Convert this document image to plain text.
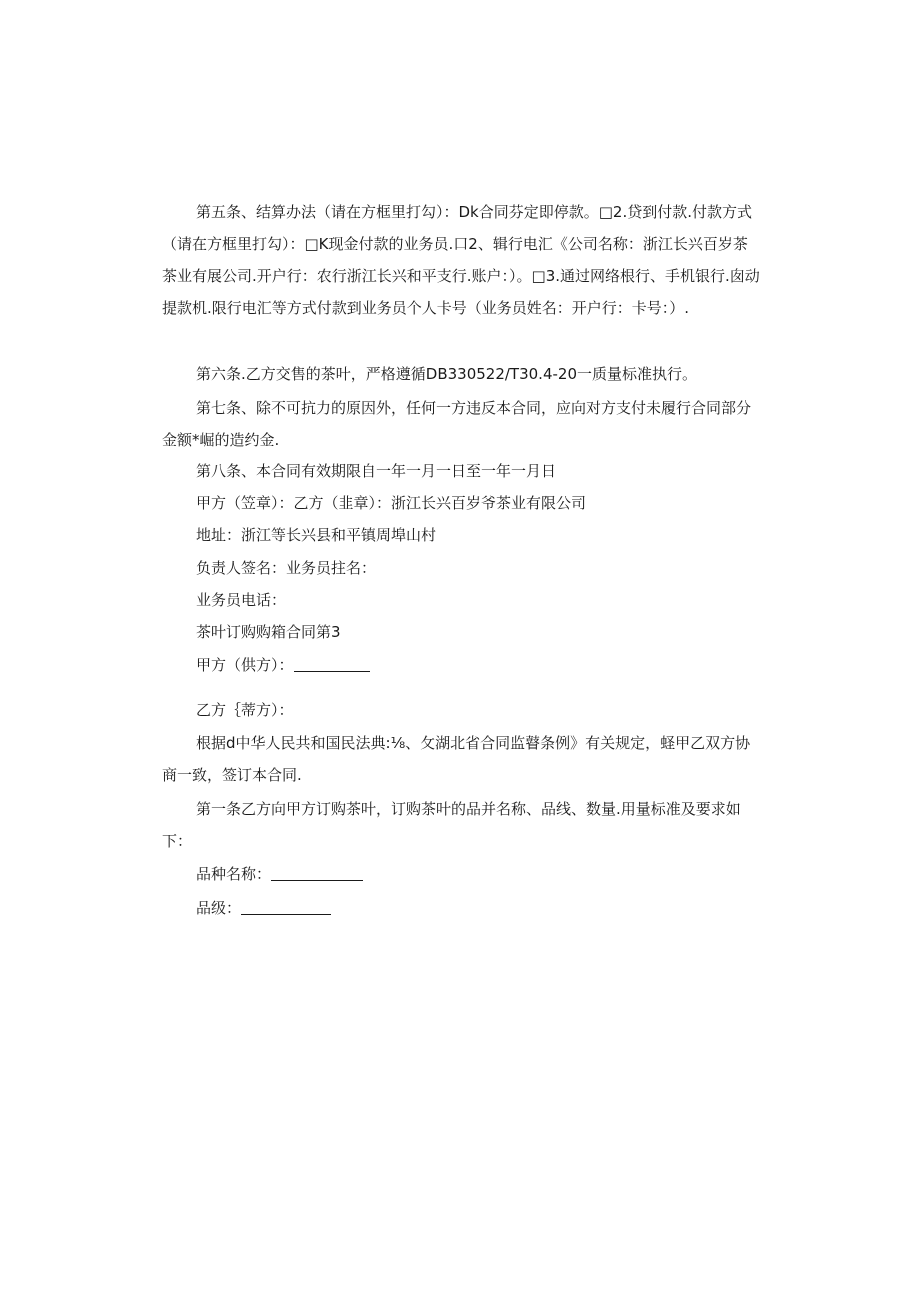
第五条、结算办法（请在方框里打勾）：Dk合同芬定即停款。□2.贷到付款.付款方式（请在方框里打勾）：□K现金付款的业务员.口2、辑行电汇《公司名称：浙江长兴百岁茶茶业有展公司.开户行：农行浙江长兴和平支行.账户：）。□3.通过网络根行、手机银行.囱动提款机.限行电汇等方式付款到业务员个人卡号（业务员姓名：开户行：卡号：）.
第六条.乙方交售的茶叶，严格遵循DB330522/T30.4-20一质量标准执行。
第七条、除不可抗力的原因外，任何一方违反本合同，应向对方支付未履行合同部分金额*崛的造约金.
第八条、本合同有效期限自一年一月一日至一年一月日
甲方（笠章）：乙方（韭章）：浙江长兴百岁爷茶业有限公司
地址：浙江等长兴县和平镇周埠山村
负责人签名：业务员拄名：
业务员电话：
茶叶订购购箱合同第3
甲方（供方）：
乙方｛蒂方）：
根据d中华人民共和国民法典:⅛、攵湖北省合同监瞽条例》有关规定，蛏甲乙双方协商一致，签订本合同.
第一条乙方向甲方订购茶叶，订购茶叶的品并名称、品线、数量.用量标准及要求如下：
品种名称：
品级：
